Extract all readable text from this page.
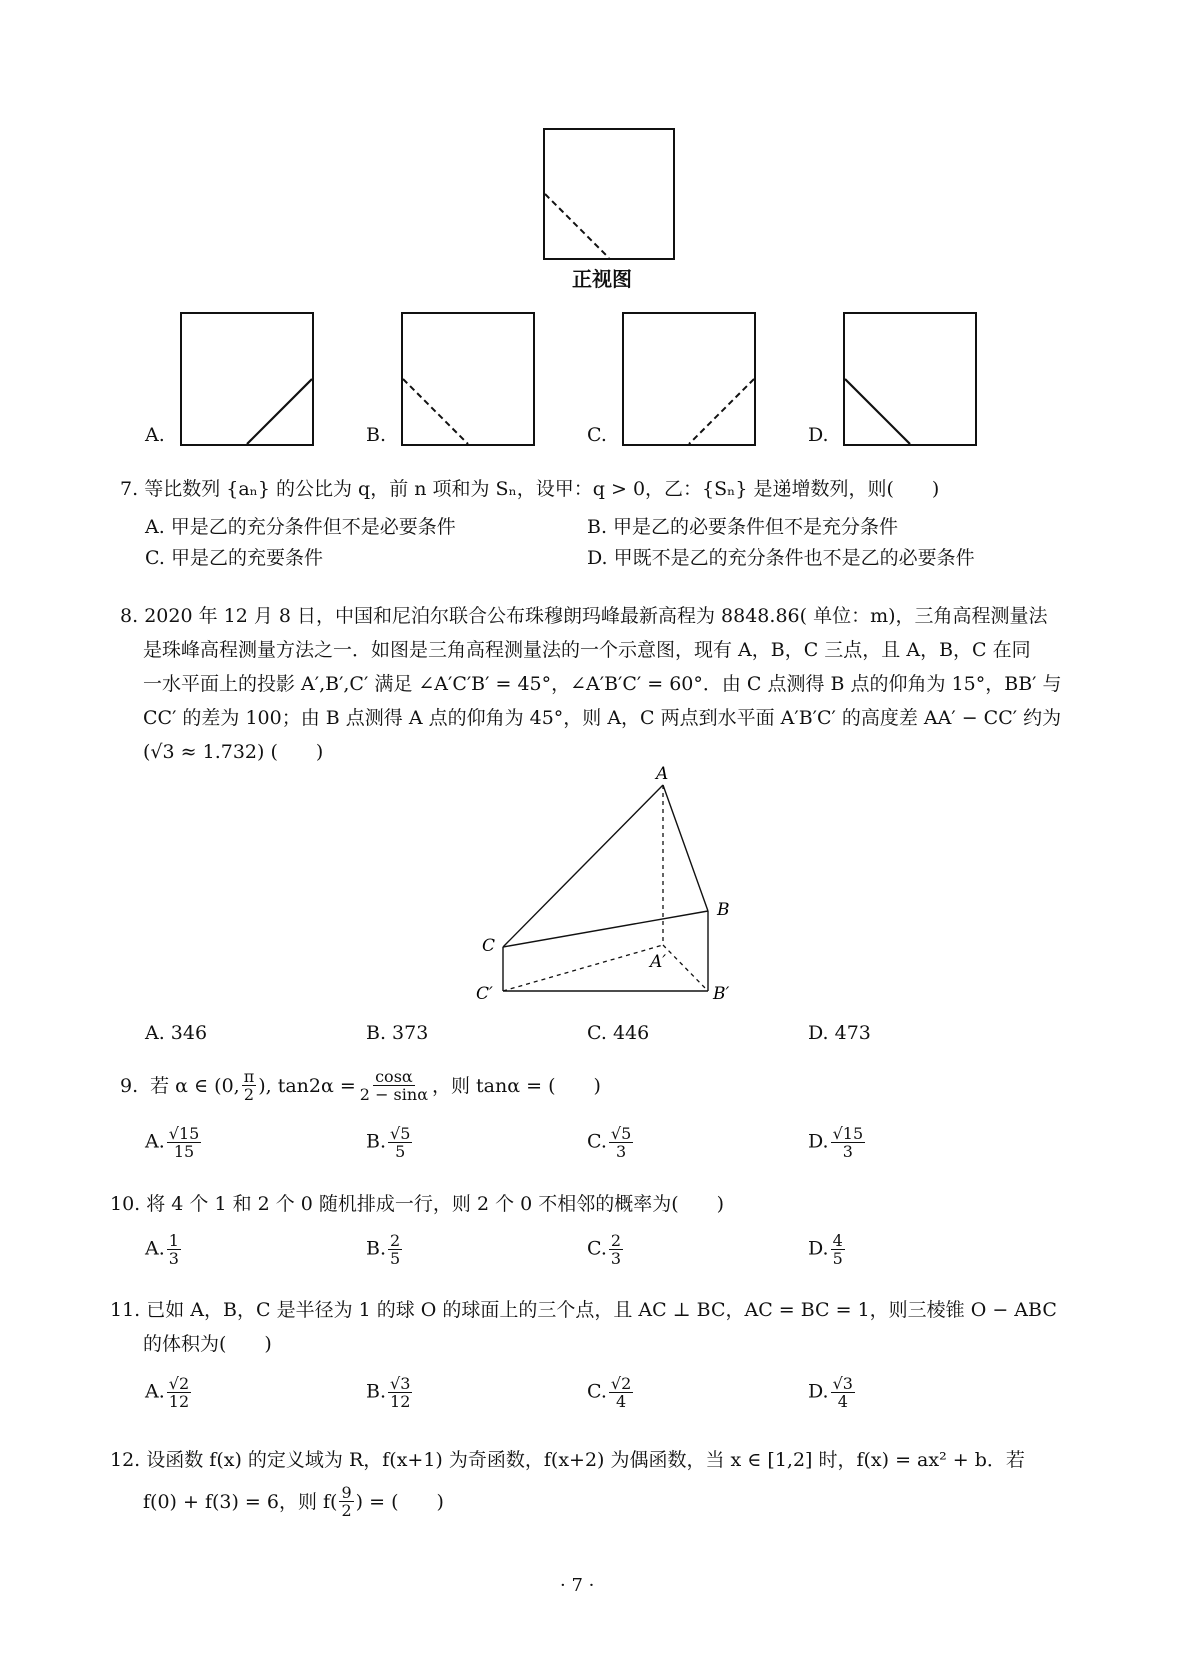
正视图
A.	B.	C.	D.
7. 等比数列 {aₙ} 的公比为 q，前 n 项和为 Sₙ，设甲：q > 0，乙：{Sₙ} 是递增数列，则(　　)
A. 甲是乙的充分条件但不是必要条件	B. 甲是乙的必要条件但不是充分条件
C. 甲是乙的充要条件	D. 甲既不是乙的充分条件也不是乙的必要条件
8. 2020 年 12 月 8 日，中国和尼泊尔联合公布珠穆朗玛峰最新高程为 8848.86( 单位：m)，三角高程测量法
是珠峰高程测量方法之一．如图是三角高程测量法的一个示意图，现有 A，B，C 三点，且 A，B，C 在同
一水平面上的投影 A′,B′,C′ 满足 ∠A′C′B′ = 45°，∠A′B′C′ = 60°．由 C 点测得 B 点的仰角为 15°，BB′ 与
CC′ 的差为 100；由 B 点测得 A 点的仰角为 45°，则 A，C 两点到水平面 A′B′C′ 的高度差 AA′ − CC′ 约为
(√3 ≈ 1.732) (　　)
A
B
C
A′
B′
C′
A. 346	B. 373	C. 446	D. 473
9. 若 α ∈ (0, $\frac{\pi}{2}$ ), $\tan 2\alpha = \frac{\cos\alpha}{2 - \sin\alpha}$ ，则 tanα = (　　)
A. $\frac{√15}{15}$	B. $\frac{√5}{5}$	C. $\frac{√5}{3}$	D. $\frac{√15}{3}$
10. 将 4 个 1 和 2 个 0 随机排成一行，则 2 个 0 不相邻的概率为(　　)
A. $\frac{1}{3}$	B. $\frac{2}{5}$	C. $\frac{2}{3}$	D. $\frac{4}{5}$
11. 已如 A，B，C 是半径为 1 的球 O 的球面上的三个点，且 AC ⊥ BC，AC = BC = 1，则三棱锥 O − ABC
的体积为(　　)
A. $\frac{√2}{12}$	B. $\frac{√3}{12}$	C. $\frac{√2}{4}$	D. $\frac{√3}{4}$
12. 设函数 f(x) 的定义域为 R，f(x+1) 为奇函数，f(x+2) 为偶函数，当 x ∈ [1,2] 时，f(x) = ax² + b．若
f(0) + f(3) = 6，则 $f( \frac{9}{2}$ ) = (　　)
· 7 ·
